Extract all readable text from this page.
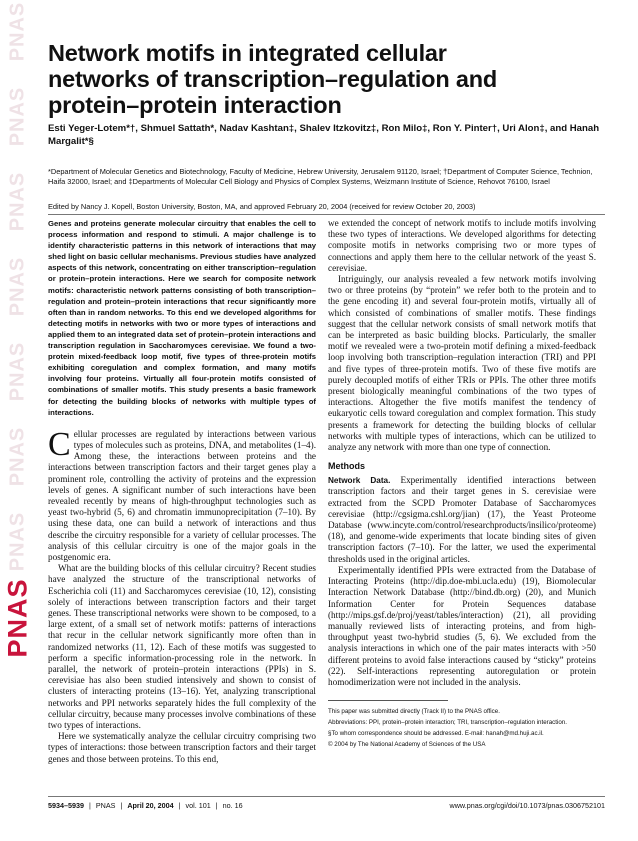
PNAS
PNAS
PNAS
PNAS
PNAS
PNAS
PNAS
PNAS
Network motifs in integrated cellular networks of transcription–regulation and protein–protein interaction
Esti Yeger-Lotem*†, Shmuel Sattath*, Nadav Kashtan‡, Shalev Itzkovitz‡, Ron Milo‡, Ron Y. Pinter†, Uri Alon‡, and Hanah Margalit*§
*Department of Molecular Genetics and Biotechnology, Faculty of Medicine, Hebrew University, Jerusalem 91120, Israel; †Department of Computer Science, Technion, Haifa 32000, Israel; and ‡Departments of Molecular Cell Biology and Physics of Complex Systems, Weizmann Institute of Science, Rehovot 76100, Israel
Edited by Nancy J. Kopell, Boston University, Boston, MA, and approved February 20, 2004 (received for review October 20, 2003)

Genes and proteins generate molecular circuitry that enables the cell to process information and respond to stimuli. A major challenge is to identify characteristic patterns in this network of interactions that may shed light on basic cellular mechanisms. Previous studies have analyzed aspects of this network, concentrating on either transcription–regulation or protein–protein interactions. Here we search for composite network motifs: characteristic network patterns consisting of both transcription–regulation and protein–protein interactions that recur significantly more often than in random networks. To this end we developed algorithms for detecting motifs in networks with two or more types of interactions and applied them to an integrated data set of protein–protein interactions and transcription regulation in Saccharomyces cerevisiae. We found a two-protein mixed-feedback loop motif, five types of three-protein motifs exhibiting coregulation and complex formation, and many motifs involving four proteins. Virtually all four-protein motifs consisted of combinations of smaller motifs. This study presents a basic framework for detecting the building blocks of networks with multiple types of interactions.

Cellular processes are regulated by interactions between various types of molecules such as proteins, DNA, and metabolites (1–4). Among these, the interactions between proteins and the interactions between transcription factors and their target genes play a prominent role, controlling the activity of proteins and the expression levels of genes. A significant number of such interactions have been revealed recently by means of high-throughput technologies such as yeast two-hybrid (5, 6) and chromatin immunoprecipitation (7–10). By using these data, one can build a network of interactions and thus describe the circuitry responsible for a variety of cellular processes. The analysis of this cellular circuitry is one of the major goals in the postgenomic era.

What are the building blocks of this cellular circuitry? Recent studies have analyzed the structure of the transcriptional networks of Escherichia coli (11) and Saccharomyces cerevisiae (10, 12), consisting solely of interactions between transcription factors and their target genes. These transcriptional networks were shown to be composed, to a large extent, of a small set of network motifs: patterns of interactions that recur in the cellular network significantly more often than in randomized networks (11, 12). Each of these motifs was suggested to perform a specific information-processing role in the network. In parallel, the network of protein–protein interactions (PPIs) in S. cerevisiae has also been studied intensively and shown to consist of clusters of interacting proteins (13–16). Yet, analyzing transcriptional networks and PPI networks separately hides the full complexity of the cellular circuitry, because many processes involve combinations of these two types of interactions.

Here we systematically analyze the cellular circuitry comprising two types of interactions: those between transcription factors and their target genes and those between proteins. To this end,

we extended the concept of network motifs to include motifs involving these two types of interactions. We developed algorithms for detecting composite motifs in networks comprising two or more types of connections and apply them here to the cellular network of the yeast S. cerevisiae.

Intriguingly, our analysis revealed a few network motifs involving two or three proteins (by “protein” we refer both to the protein and to the gene encoding it) and several four-protein motifs, virtually all of which consisted of combinations of smaller motifs. These findings suggest that the cellular network consists of small network motifs that can be interpreted as basic building blocks. Particularly, the smaller motif we revealed were a two-protein motif defining a mixed-feedback loop involving both transcription–regulation interaction (TRI) and PPI and five types of three-protein motifs. Two of these five motifs are purely decoupled motifs of either TRIs or PPIs. The other three motifs present biologically meaningful combinations of the two types of interactions. Altogether the five motifs manifest the tendency of eukaryotic cells toward coregulation and complex formation. This study presents a framework for detecting the building blocks of cellular networks with multiple types of interactions, which can be utilized to analyze any network with more than one type of connection.

Methods

Network Data. Experimentally identified interactions between transcription factors and their target genes in S. cerevisiae were extracted from the SCPD Promoter Database of Saccharomyces cerevisiae (http://cgsigma.cshl.org/jian) (17), the Yeast Proteome Database (www.incyte.com/control/researchproducts/insilico/proteome) (18), and genome-wide experiments that locate binding sites of given transcription factors (7–10). For the latter, we used the experimental thresholds used in the original articles.

Experimentally identified PPIs were extracted from the Database of Interacting Proteins (http://dip.doe-mbi.ucla.edu) (19), Biomolecular Interaction Network Database (http://bind.db.org) (20), and Munich Information Center for Protein Sequences database (http://mips.gsf.de/proj/yeast/tables/interaction) (21), all providing manually reviewed lists of interacting proteins, and from high-throughput yeast two-hybrid studies (5, 6). We excluded from the analysis interactions in which one of the pair mates interacts with >50 different proteins to avoid false interactions caused by “sticky” proteins (22). Self-interactions representing autoregulation or protein homodimerization were not included in the analysis.

This paper was submitted directly (Track II) to the PNAS office.

Abbreviations: PPI, protein–protein interaction; TRI, transcription–regulation interaction.

§To whom correspondence should be addressed. E-mail: hanah@md.huji.ac.il.

© 2004 by The National Academy of Sciences of the USA

5934–5939 | PNAS | April 20, 2004 | vol. 101 | no. 16	www.pnas.org/cgi/doi/10.1073/pnas.0306752101
